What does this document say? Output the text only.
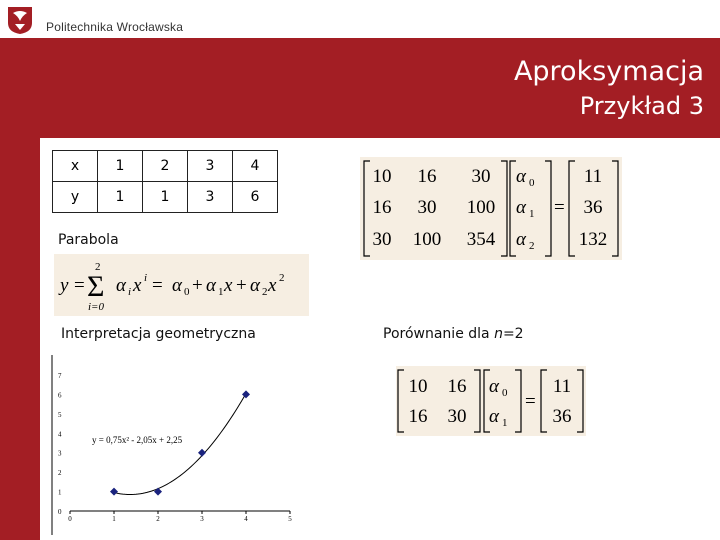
Politechnika Wrocławska
Aproksymacja
Przykład 3
x	1	2	3	4
y	1	1	3	6
Parabola
y =
2
Σ
i=0
α i x i = α 0 + α 1 x + α 2 x 2
10 16 30
16 30 100
30 100 354
α 0
α 1
α 2
=
11
36
132
Interpretacja geometryczna	Porównanie dla n=2
10 16
16 30
α 0
α 1
=
11
36
0	1	2	3	4	5
0
1
2
3
4
5
6
7
y = 0,75x² - 2,05x + 2,25
